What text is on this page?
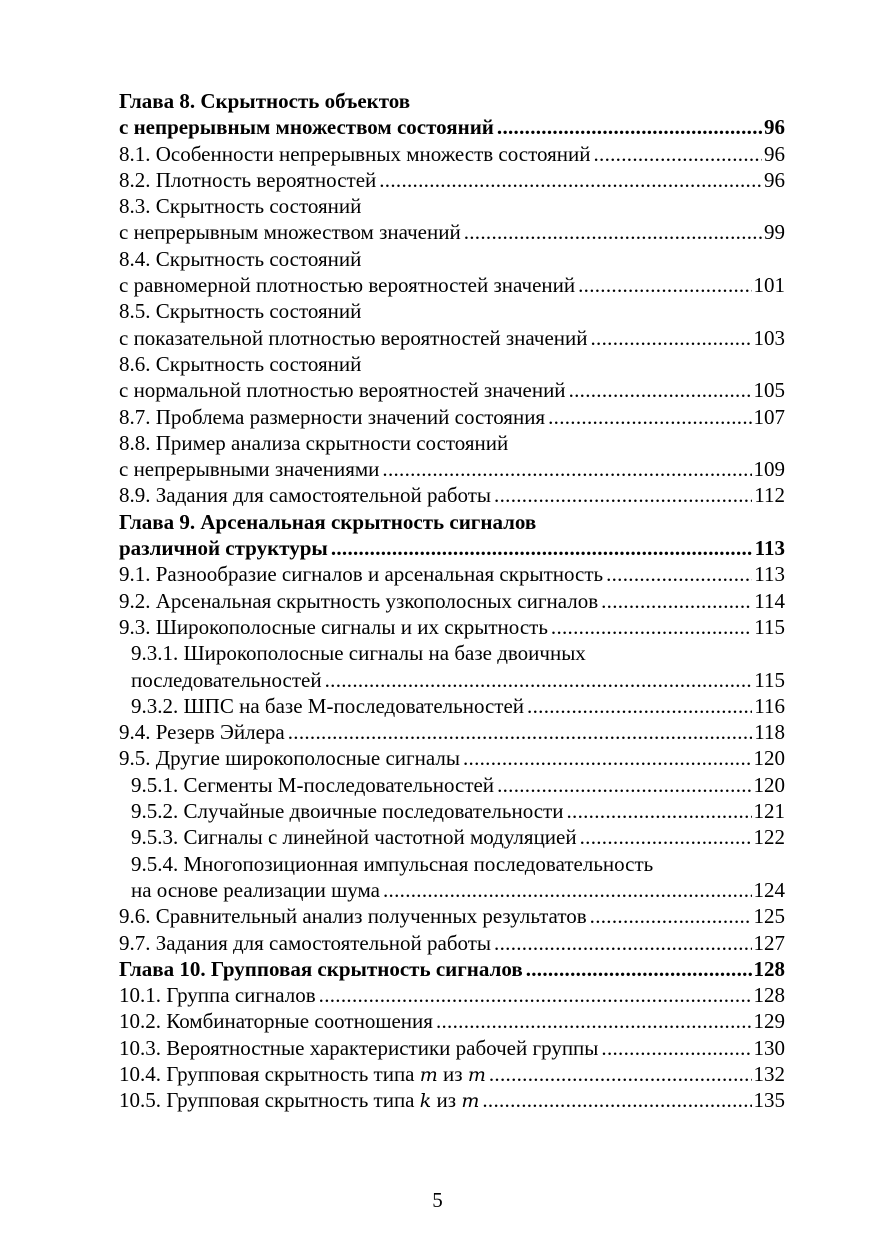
Глава 8. Скрытность объектов
с непрерывным множеством состояний .....	96
8.1. Особенности непрерывных множеств состояний .....	96
8.2. Плотность вероятностей .....	96
8.3. Скрытность состояний
с непрерывным множеством значений .....	99
8.4. Скрытность состояний
с равномерной плотностью вероятностей значений .....	101
8.5. Скрытность состояний
с показательной плотностью вероятностей значений .....	103
8.6. Скрытность состояний
с нормальной плотностью вероятностей значений .....	105
8.7. Проблема размерности значений состояния .....	107
8.8. Пример анализа скрытности состояний
с непрерывными значениями .....	109
8.9. Задания для самостоятельной работы .....	112
Глава 9. Арсенальная скрытность сигналов
различной структуры .....	113
9.1. Разнообразие сигналов и арсенальная скрытность .....	113
9.2. Арсенальная скрытность узкополосных сигналов .....	114
9.3. Широкополосные сигналы и их скрытность .....	115
9.3.1. Широкополосные сигналы на базе двоичных
последовательностей .....	115
9.3.2. ШПС на базе М-последовательностей .....	116
9.4. Резерв Эйлера .....	118
9.5. Другие широкополосные сигналы .....	120
9.5.1. Сегменты М-последовательностей .....	120
9.5.2. Случайные двоичные последовательности .....	121
9.5.3. Сигналы с линейной частотной модуляцией .....	122
9.5.4. Многопозиционная импульсная последовательность
на основе реализации шума .....	124
9.6. Сравнительный анализ полученных результатов .....	125
9.7. Задания для самостоятельной работы .....	127
Глава 10. Групповая скрытность сигналов .....	128
10.1. Группа сигналов .....	128
10.2. Комбинаторные соотношения .....	129
10.3. Вероятностные характеристики рабочей группы .....	130
10.4. Групповая скрытность типа m из m .....	132
10.5. Групповая скрытность типа k из m .....	135
5
